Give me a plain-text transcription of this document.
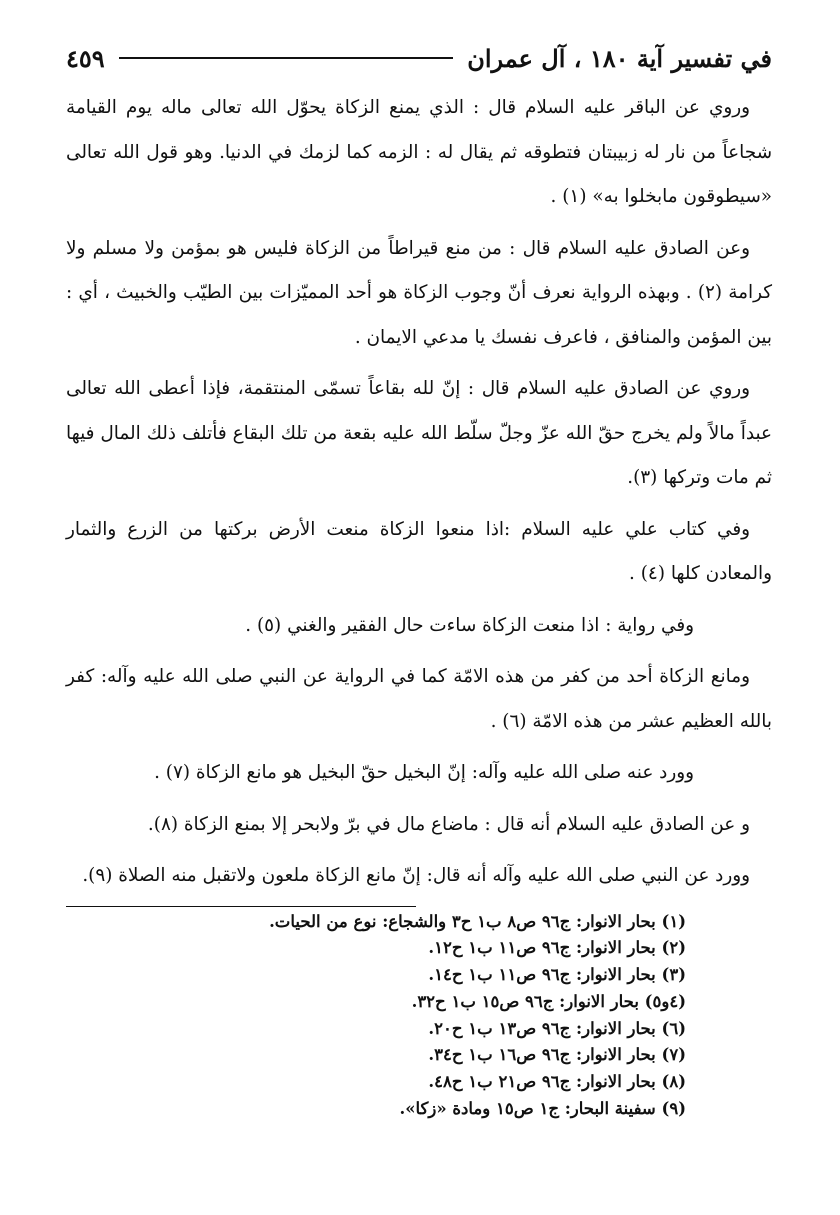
في تفسير آية ١٨٠ ، آل عمران
٤٥٩

وروي عن الباقر عليه السلام قال : الذي يمنع الزكاة يحوّل الله تعالى ماله يوم القيامة شجاعاً من نار له زبيبتان فتطوقه ثم يقال له : الزمه كما لزمك في الدنيا. وهو قول الله تعالى «سيطوقون مابخلوا به» (١) .

وعن الصادق عليه السلام قال : من منع قيراطاً من الزكاة فليس هو بمؤمن ولا مسلم ولا كرامة (٢) . وبهذه الرواية نعرف أنّ وجوب الزكاة هو أحد المميّزات بين الطيّب والخبيث ، أي : بين المؤمن والمنافق ، فاعرف نفسك يا مدعي الايمان .

وروي عن الصادق عليه السلام قال : إنّ لله بقاعاً تسمّى المنتقمة، فإذا أعطى الله تعالى عبداً مالاً ولم يخرج حقّ الله عزّ وجلّ سلّط الله عليه بقعة من تلك البقاع فأتلف ذلك المال فيها ثم مات وتركها (٣).

وفي كتاب علي عليه السلام :اذا منعوا الزكاة منعت الأرض بركتها من الزرع والثمار والمعادن كلها (٤) .

وفي رواية : اذا منعت الزكاة ساءت حال الفقير والغني (٥) .

ومانع الزكاة أحد من كفر من هذه الامّة كما في الرواية عن النبي صلى الله عليه وآله: كفر بالله العظيم عشر من هذه الامّة (٦) .

وورد عنه صلى الله عليه وآله: إنّ البخيل حقّ البخيل هو مانع الزكاة (٧) .

و عن الصادق عليه السلام أنه قال : ماضاع مال في برّ ولابحر إلا بمنع الزكاة (٨).

وورد عن النبي صلى الله عليه وآله أنه قال: إنّ مانع الزكاة ملعون ولاتقبل منه الصلاة (٩).

(١) بحار الانوار: ج٩٦ ص٨ ب١ ح٣ والشجاع: نوع من الحيات.
(٢) بحار الانوار: ج٩٦ ص١١ ب١ ح١٢.
(٣) بحار الانوار: ج٩٦ ص١١ ب١ ح١٤.
(٤و٥) بحار الانوار: ج٩٦ ص١٥ ب١ ح٣٢.
(٦) بحار الانوار: ج٩٦ ص١٣ ب١ ح٢٠.
(٧) بحار الانوار: ج٩٦ ص١٦ ب١ ح٣٤.
(٨) بحار الانوار: ج٩٦ ص٢١ ب١ ح٤٨.
(٩) سفينة البحار: ج١ ص١٥ ومادة «زكا».
